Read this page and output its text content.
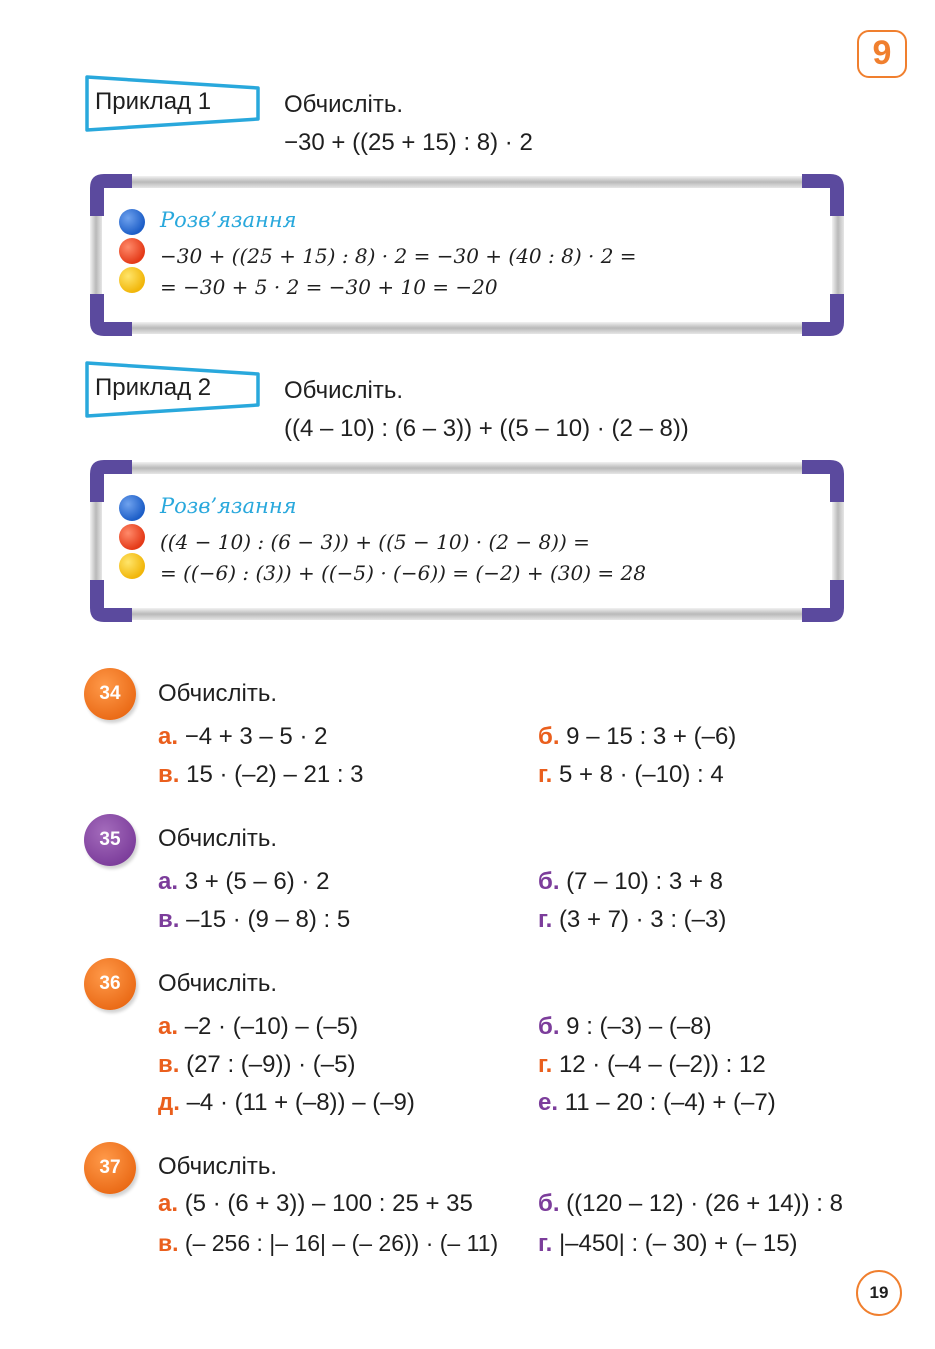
9
Приклад 1	Обчисліть.
−30 + ((25 + 15) : 8) · 2
Розв’язання
−30 + ((25 + 15) : 8) · 2 = −30 + (40 : 8) · 2 =
= −30 + 5 · 2 = −30 + 10 = −20
Приклад 2	Обчисліть.
((4 – 10) : (6 – 3)) + ((5 – 10) · (2 – 8))
Розв’язання
((4 − 10) : (6 − 3)) + ((5 − 10) · (2 − 8)) =
= ((−6) : (3)) + ((−5) · (−6)) = (−2) + (30) = 28
34	Обчисліть.
а. −4 + 3 – 5 · 2	б. 9 – 15 : 3 + (–6)
в. 15 · (–2) – 21 : 3	г. 5 + 8 · (–10) : 4
35	Обчисліть.
а. 3 + (5 – 6) · 2	б. (7 – 10) : 3 + 8
в. –15 · (9 – 8) : 5	г. (3 + 7) · 3 : (–3)
36	Обчисліть.
а. –2 · (–10) – (–5)	б. 9 : (–3) – (–8)
в. (27 : (–9)) · (–5)	г. 12 · (–4 – (–2)) : 12
д. –4 · (11 + (–8)) – (–9)	е. 11 – 20 : (–4) + (–7)
37	Обчисліть.
а. (5 · (6 + 3)) – 100 : 25 + 35	б. ((120 – 12) · (26 + 14)) : 8
в. (– 256 : |– 16| – (– 26)) · (– 11) г. |–450| : (– 30) + (– 15)
19
